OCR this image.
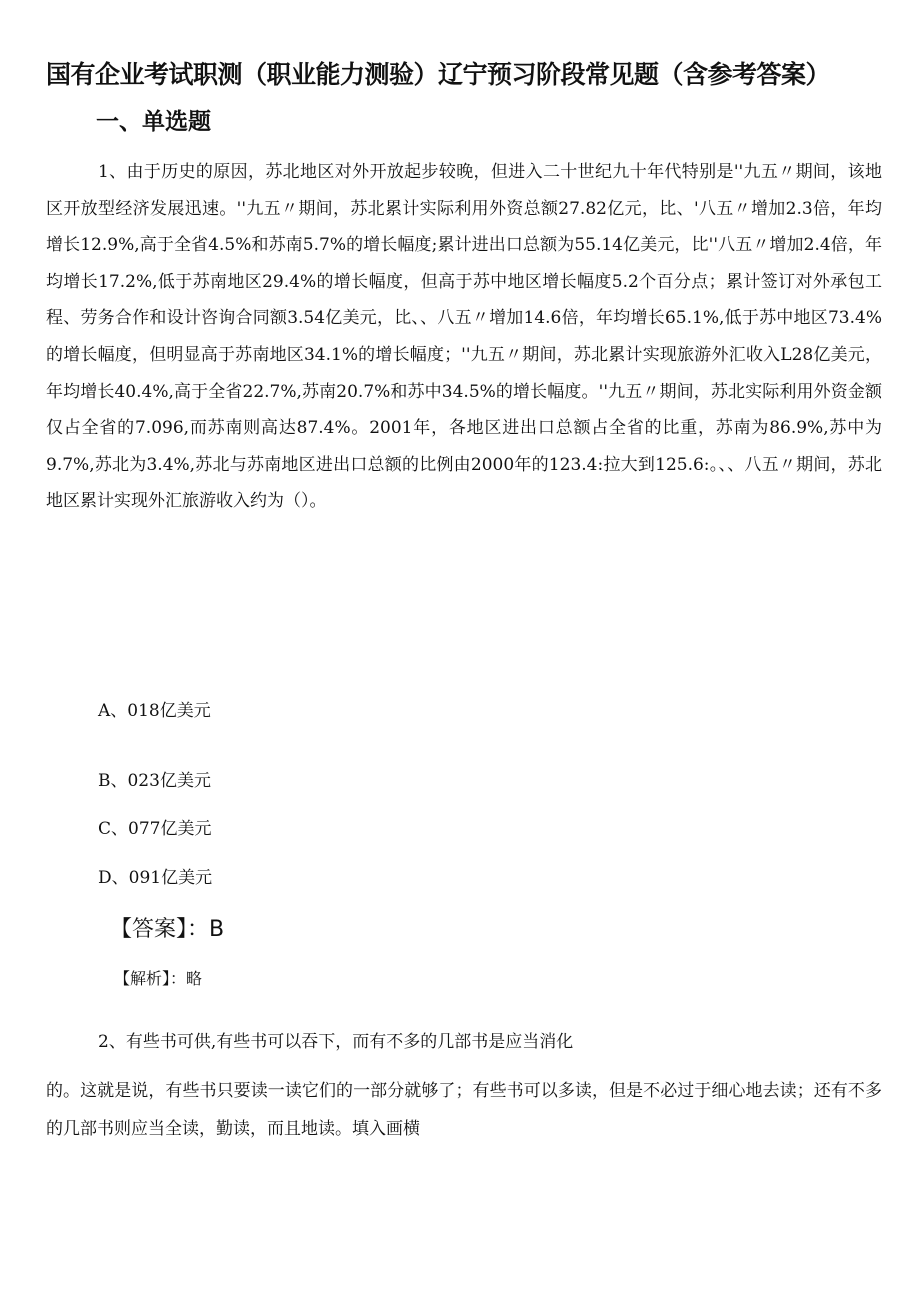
国有企业考试职测（职业能力测验）辽宁预习阶段常见题（含参考答案）
一、单选题

1、由于历史的原因，苏北地区对外开放起步较晚，但进入二十世纪九十年代特别是''九五〃期间，该地区开放型经济发展迅速。''九五〃期间，苏北累计实际利用外资总额27.82亿元，比、'八五〃增加2.3倍，年均增长12.9%,高于全省4.5%和苏南5.7%的增长幅度;累计进出口总额为55.14亿美元，比''八五〃增加2.4倍，年均增长17.2%,低于苏南地区29.4%的增长幅度，但高于苏中地区增长幅度5.2个百分点；累计签订对外承包工程、劳务合作和设计咨询合同额3.54亿美元，比、、八五〃增加14.6倍，年均增长65.1%,低于苏中地区73.4%的增长幅度，但明显高于苏南地区34.1%的增长幅度；''九五〃期间，苏北累计实现旅游外汇收入L28亿美元，年均增长40.4%,高于全省22.7%,苏南20.7%和苏中34.5%的增长幅度。''九五〃期间，苏北实际利用外资金额仅占全省的7.096,而苏南则高达87.4%。2001年，各地区进出口总额占全省的比重，苏南为86.9%,苏中为9.7%,苏北为3.4%,苏北与苏南地区进出口总额的比例由2000年的123.4:拉大到125.6:。、、八五〃期间，苏北地区累计实现外汇旅游收入约为（）。

A、018亿美元
B、023亿美元
C、077亿美元
D、091亿美元
【答案】：B
【解析】：略
2、有些书可供,有些书可以吞下，而有不多的几部书是应当消化

的。这就是说，有些书只要读一读它们的一部分就够了；有些书可以多读，但是不必过于细心地去读；还有不多的几部书则应当全读，勤读，而且地读。填入画横
